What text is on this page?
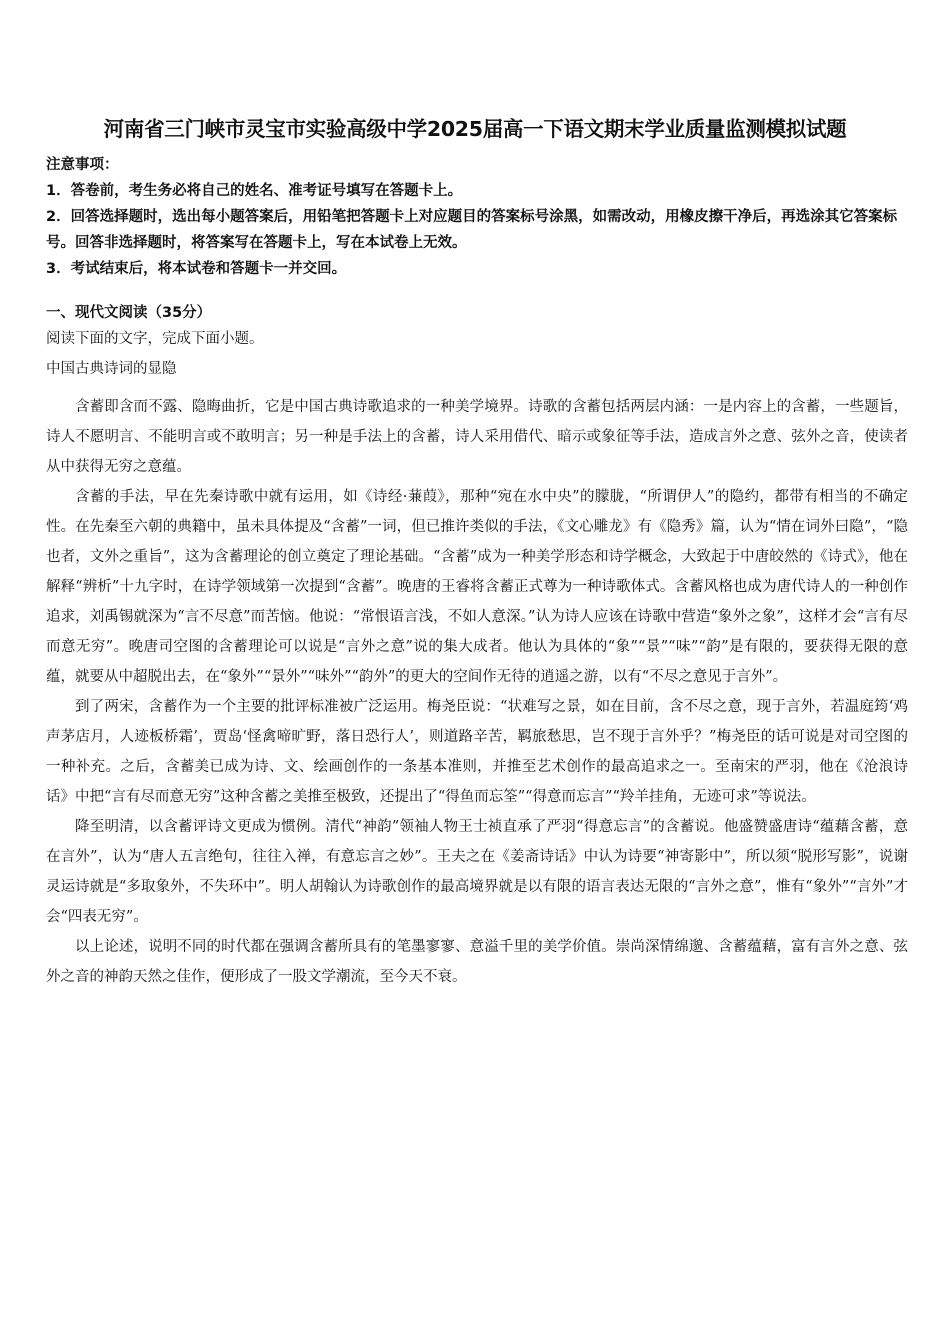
河南省三门峡市灵宝市实验高级中学2025届高一下语文期末学业质量监测模拟试题
注意事项：
1．答卷前，考生务必将自己的姓名、准考证号填写在答题卡上。
2．回答选择题时，选出每小题答案后，用铅笔把答题卡上对应题目的答案标号涂黑，如需改动，用橡皮擦干净后，再选涂其它答案标号。回答非选择题时，将答案写在答题卡上，写在本试卷上无效。
3．考试结束后，将本试卷和答题卡一并交回。
一、现代文阅读（35分）
阅读下面的文字，完成下面小题。
中国古典诗词的显隐

含蓄即含而不露、隐晦曲折，它是中国古典诗歌追求的一种美学境界。诗歌的含蓄包括两层内涵：一是内容上的含蓄，一些题旨，诗人不愿明言、不能明言或不敢明言；另一种是手法上的含蓄，诗人采用借代、暗示或象征等手法，造成言外之意、弦外之音，使读者从中获得无穷之意蕴。

含蓄的手法，早在先秦诗歌中就有运用，如《诗经·蒹葭》，那种“宛在水中央”的朦胧，“所谓伊人”的隐约，都带有相当的不确定性。在先秦至六朝的典籍中，虽未具体提及“含蓄”一词，但已推许类似的手法，《文心雕龙》有《隐秀》篇，认为“情在词外曰隐”，“隐也者，文外之重旨”，这为含蓄理论的创立奠定了理论基础。“含蓄”成为一种美学形态和诗学概念，大致起于中唐皎然的《诗式》，他在解释“辨析”十九字时，在诗学领域第一次提到“含蓄”。晚唐的王睿将含蓄正式尊为一种诗歌体式。含蓄风格也成为唐代诗人的一种创作追求，刘禹锡就深为“言不尽意”而苦恼。他说：“常恨语言浅，不如人意深。”认为诗人应该在诗歌中营造“象外之象”，这样才会“言有尽而意无穷”。晚唐司空图的含蓄理论可以说是“言外之意”说的集大成者。他认为具体的“象”“景”“味”“韵”是有限的，要获得无限的意蕴，就要从中超脱出去，在“象外”“景外”“味外”“韵外”的更大的空间作无待的逍遥之游，以有“不尽之意见于言外”。

到了两宋，含蓄作为一个主要的批评标准被广泛运用。梅尧臣说：“状难写之景，如在目前，含不尽之意，现于言外，若温庭筠‘鸡声茅店月，人迹板桥霜’，贾岛‘怪禽啼旷野，落日恐行人’，则道路辛苦，羁旅愁思，岂不现于言外乎？”梅尧臣的话可说是对司空图的一种补充。之后，含蓄美已成为诗、文、绘画创作的一条基本准则，并推至艺术创作的最高追求之一。至南宋的严羽，他在《沧浪诗话》中把“言有尽而意无穷”这种含蓄之美推至极致，还提出了“得鱼而忘筌”“得意而忘言”“羚羊挂角，无迹可求”等说法。

降至明清，以含蓄评诗文更成为惯例。清代“神韵”领袖人物王士祯直承了严羽“得意忘言”的含蓄说。他盛赞盛唐诗“蕴藉含蓄，意在言外”，认为“唐人五言绝句，往往入禅，有意忘言之妙”。王夫之在《姜斋诗话》中认为诗要“神寄影中”，所以须“脱形写影”，说谢灵运诗就是“多取象外，不失环中”。明人胡翰认为诗歌创作的最高境界就是以有限的语言表达无限的“言外之意”，惟有“象外”“言外”才会“四表无穷”。

以上论述，说明不同的时代都在强调含蓄所具有的笔墨寥寥、意溢千里的美学价值。崇尚深情绵邈、含蓄蕴藉，富有言外之意、弦外之音的神韵天然之佳作，便形成了一股文学潮流，至今天不衰。
